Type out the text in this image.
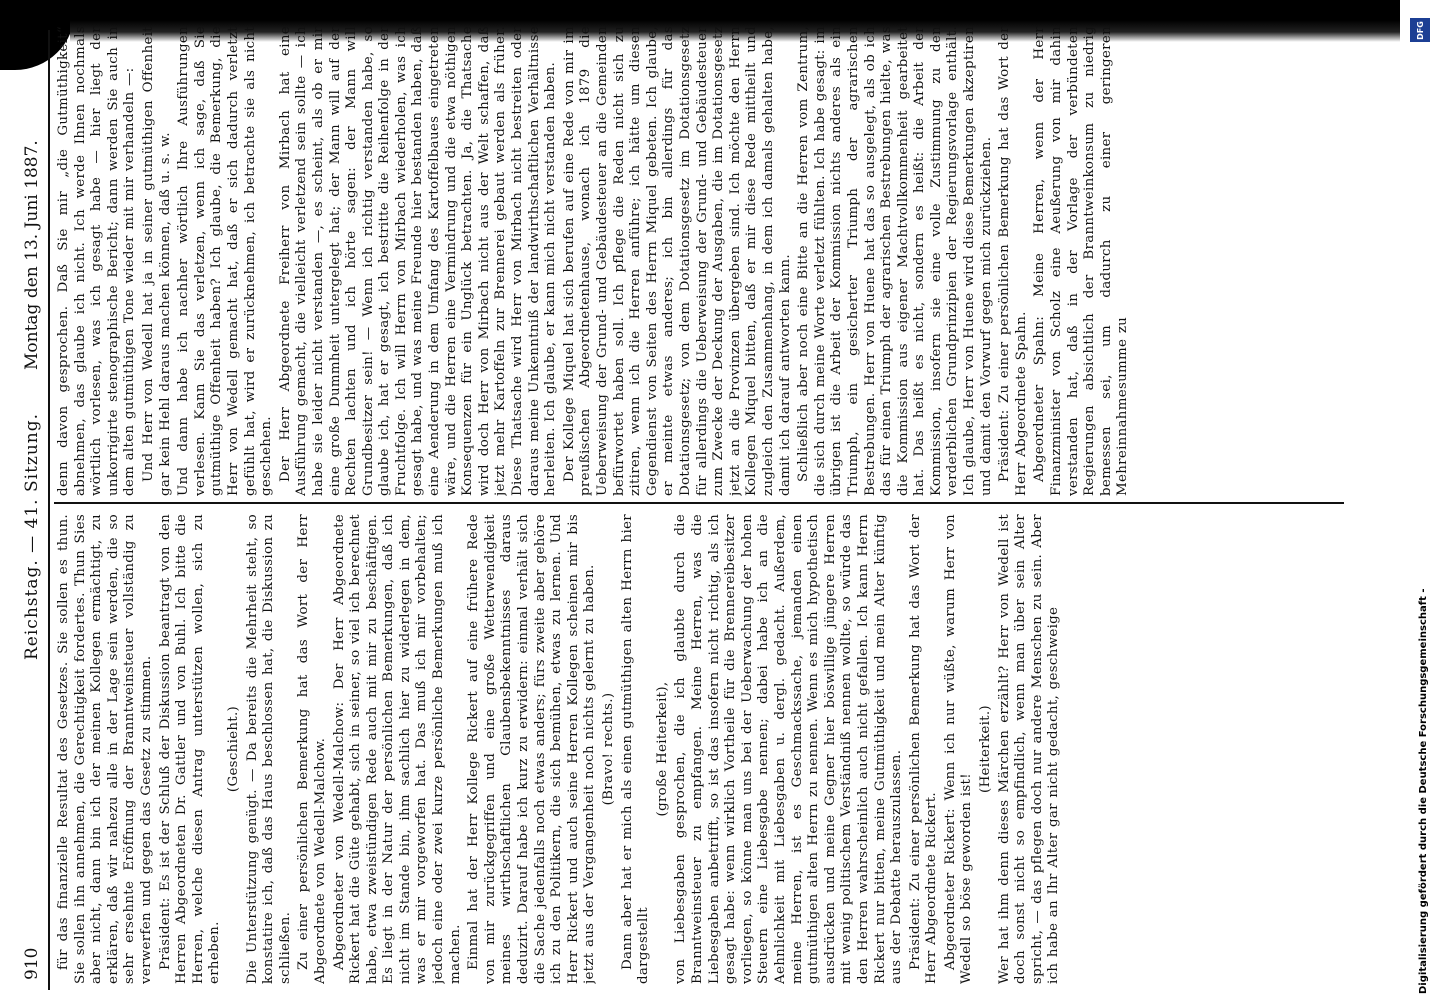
910
Reichstag. — 41. Sitzung.
Montag den 13. Juni 1887.

für das finanzielle Resultat des Gesetzes. Sie sollen es thun. Sie sollen ihn annehmen, die Gerechtigkeit fordertes. Thun Sies aber nicht, dann bin ich der meinen Kollegen ermächtigt, zu erklären, daß wir nahezu alle in der Lage sein werden, die so sehr ersehnte Eröffnung der Branntweinsteuer vollständig zu verwerfen und gegen das Gesetz zu stimmen. Präsident: Es ist der Schluß der Diskussion beantragt von den Herren Abgeordneten Dr. Gattler und von Buhl. Ich bitte die Herren, welche diesen Antrag unterstützen wollen, sich zu erheben.

(Geschieht.) Die Unterstützung genügt. — Da bereits die Mehrheit steht, so konstatire ich, daß das Haus beschlossen hat, die Diskussion zu schließen. Zu einer persönlichen Bemerkung hat das Wort der Herr Abgeordnete von Wedell-Malchow. Abgeordneter von Wedell-Malchow: Der Herr Abgeordnete Rickert hat die Güte gehabt, sich in seiner, so viel ich berechnet habe, etwa zweistündigen Rede auch mit mir zu beschäftigen. Es liegt in der Natur der persönlichen Bemerkungen, daß ich nicht im Stande bin, ihm sachlich hier zu widerlegen in dem, was er mir vorgeworfen hat. Das muß ich mir vorbehalten; jedoch eine oder zwei kurze persönliche Bemerkungen muß ich machen. Einmal hat der Herr Kollege Rickert auf eine frühere Rede von mir zurückgegriffen und eine große Wetterwendigkeit meines wirthschaftlichen Glaubensbekenntnisses daraus deduzirt. Darauf habe ich kurz zu erwidern: einmal verhält sich die Sache jedenfalls noch etwas anders; fürs zweite aber gehöre ich zu den Politikern, die sich bemühen, etwas zu lernen. Und Herr Rickert und auch seine Herren Kollegen scheinen mir bis jetzt aus der Vergangenheit noch nichts gelernt zu haben. (Bravo! rechts.) Dann aber hat er mich als einen gutmüthigen alten Herrn hier dargestellt

(große Heiterkeit), von Liebesgaben gesprochen, die ich glaubte durch die Branntweinsteuer zu empfangen. Meine Herren, was die Liebesgaben anbetrifft, so ist das insofern nicht richtig, als ich gesagt habe: wenn wirklich Vortheile für die Brennereibesitzer vorliegen, so könne man uns bei der Ueberwachung der hohen Steuern eine Liebesgabe nennen; dabei habe ich an die Aehnlichkeit mit Liebesgaben u. dergl. gedacht. Außerdem, meine Herren, ist es Geschmackssache, jemanden einen gutmüthigen alten Herrn zu nennen. Wenn es mich hypothetisch ausdrücken und meine Gegner hier böswillige jüngere Herren mit wenig politischem Verständniß nennen wollte, so würde das den Herren wahrscheinlich auch nicht gefallen. Ich kann Herrn Rickert nur bitten, meine Gutmüthigkeit und mein Alter künftig aus der Debatte herauszulassen. Präsident: Zu einer persönlichen Bemerkung hat das Wort der Herr Abgeordnete Rickert. Abgeordneter Rickert: Wenn ich nur wüßte, warum Herr von Wedell so böse geworden ist!

(Heiterkeit.) Wer hat ihm denn dieses Märchen erzählt? Herr von Wedell ist doch sonst nicht so empfindlich, wenn man über sein Alter spricht, — das pflegen doch nur andere Menschen zu sein. Aber ich habe an Ihr Alter gar nicht gedacht, geschweige

denn davon gesprochen. Daß Sie mir „die Gutmüthigkeit“ abnehmen, das glaube ich nicht. Ich werde Ihnen nochmals wörtlich vorlesen, was ich gesagt habe — hier liegt der unkorrigirte stenographische Bericht; dann werden Sie auch in dem alten gutmüthigen Tone wieder mit mir verhandeln —: Und Herr von Wedell hat ja in seiner gutmüthigen Offenheit gar kein Hehl daraus machen können, daß u. s. w. Und dann habe ich nachher wörtlich Ihre Ausführungen verlesen. Kann Sie das verletzen, wenn ich sage, daß Sie gutmüthige Offenheit haben? Ich glaube, die Bemerkung, die Herr von Wedell gemacht hat, daß er sich dadurch verletzt gefühlt hat, wird er zurücknehmen, ich betrachte sie als nicht geschehen. Der Herr Abgeordnete Freiherr von Mirbach hat eine Ausführung gemacht, die vielleicht verletzend sein sollte — ich habe sie leider nicht verstanden —, es scheint, als ob er mir eine große Dummheit untergelegt hat; der Mann will auf der Rechten lachten und ich hörte sagen: der Mann will Grundbesitzer sein! — Wenn ich richtig verstanden habe, so glaube ich, hat er gesagt, ich bestritte die Reihenfolge in der Fruchtfolge. Ich will Herrn von Mirbach wiederholen, was ich gesagt habe, und was meine Freunde hier bestanden haben, daß eine Aenderung in dem Umfang des Kartoffelbaues eingetreten wäre, und die Herren eine Vermindrung und die etwa nöthigen Konsequenzen für ein Unglück betrachten. Ja, die Thatsache wird doch Herr von Mirbach nicht aus der Welt schaffen, daß jetzt mehr Kartoffeln zur Brennerei gebaut werden als früher. Diese Thatsache wird Herr von Mirbach nicht bestreiten oder daraus meine Unkenntniß der landwirthschaftlichen Verhältnisse herleiten. Ich glaube, er kann mich nicht verstanden haben. Der Kollege Miquel hat sich berufen auf eine Rede von mir im preußischen Abgeordnetenhause, wonach ich 1879 die Ueberweisung der Grund- und Gebäudesteuer an die Gemeinden befürwortet haben soll. Ich pflege die Reden nicht sich zu zitiren, wenn ich die Herren anführe; ich hätte um diesen Gegendienst von Seiten des Herrn Miquel gebeten. Ich glaube, er meinte etwas anderes; ich bin allerdings für das Dotationsgesetz; von dem Dotationsgesetz im Dotationsgesetz für allerdings die Ueberweisung der Grund- und Gebäudesteuer zum Zwecke der Deckung der Ausgaben, die im Dotationsgesetz jetzt an die Provinzen übergeben sind. Ich möchte den Herrn Kollegen Miquel bitten, daß er mir diese Rede mittheilt und zugleich den Zusammenhang, in dem ich damals gehalten habe, damit ich darauf antworten kann. Schließlich aber noch eine Bitte an die Herren vom Zentrum, die sich durch meine Worte verletzt fühlten. Ich habe gesagt: im übrigen ist die Arbeit der Kommission nichts anderes als ein Triumph, ein gesicherter Triumph der agrarischen Bestrebungen. Herr von Huene hat das so ausgelegt, als ob ich das für einen Triumph der agrarischen Bestrebungen hielte, was die Kommission aus eigener Machtvollkommenheit gearbeitet hat. Das heißt es nicht, sondern es heißt: die Arbeit der Kommission, insofern sie eine volle Zustimmung zu den verderblichen Grundprinzipien der Regierungsvorlage enthält. Ich glaube, Herr von Huene wird diese Bemerkungen akzeptiren und damit den Vorwurf gegen mich zurückziehen. Präsident: Zu einer persönlichen Bemerkung hat das Wort der Herr Abgeordnete Spahn. Abgeordneter Spahn: Meine Herren, wenn der Herr Finanzminister von Scholz eine Aeußerung von mir dahin verstanden hat, daß in der Vorlage der verbündeten Regierungen absichtlich der Branntweinkonsum zu niedrig bemessen sei, um dadurch zu einer geringeren Mehreinnahmesumme zu

DFG
Digitalisierung gefördert durch die Deutsche Forschungsgemeinschaft -
